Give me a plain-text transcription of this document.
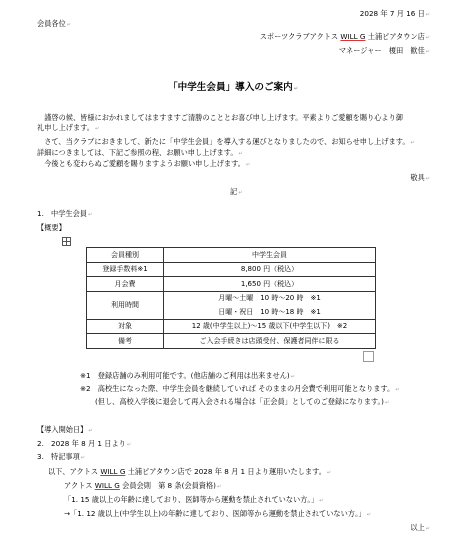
2028 年 7 月 16 日↵
会員各位↵
スポーツクラブアクトス WILL G 土浦ピアタウン店↵
マネージャー　榎田　歓佳↵
「中学生会員」導入のご案内↵
　謹啓の候、皆様におかれましてはますますご清勝のこととお喜び申し上げます。平素よりご愛顧を賜り心より御
礼申し上げます。↵
　さて、当クラブにおきまして、新たに「中学生会員」を導入する運びとなりましたので、お知らせ申し上げます。↵
詳細につきましては、下記ご参照の程、お願い申し上げます。↵
　今後とも変わらぬご愛顧を賜りますようお願い申し上げます。↵
敬具↵
記↵
1.　中学生会員↵
【概要】
会員種別	中学生会員
登録手数料※1	8,800 円（税込）
月会費	1,650 円（税込）
利用時間	月曜～土曜　10 時～20 時　※1
日曜・祝日　10 時～18 時　※1

対象	12 歳(中学生以上)～15 歳以下(中学生以下)　※2
備考	ご入会手続きは店頭受付、保護者同伴に限る
※1　登録店舗のみ利用可能です。(他店舗のご利用は出来ません)↵
※2　高校生になった際、中学生会員を継続していれば そのままの月会費で利用可能となります。↵
(但し、高校入学後に退会して再入会される場合は「正会員」としてのご登録になります。)↵
【導入開始日】↵
2.　2028 年 8 月 1 日より↵
3.　特記事項↵
以下、アクトス WILL G 土浦ピアタウン店で 2028 年 8 月 1 日より運用いたします。↵
アクトス WILL G 会員会則　第 8 条(会員資格)↵
「1. 15 歳以上の年齢に達しており、医師等から運動を禁止されていない方。」↵
→「1. 12 歳以上(中学生以上)の年齢に達しており、医師等から運動を禁止されていない方。」↵
以上↵
